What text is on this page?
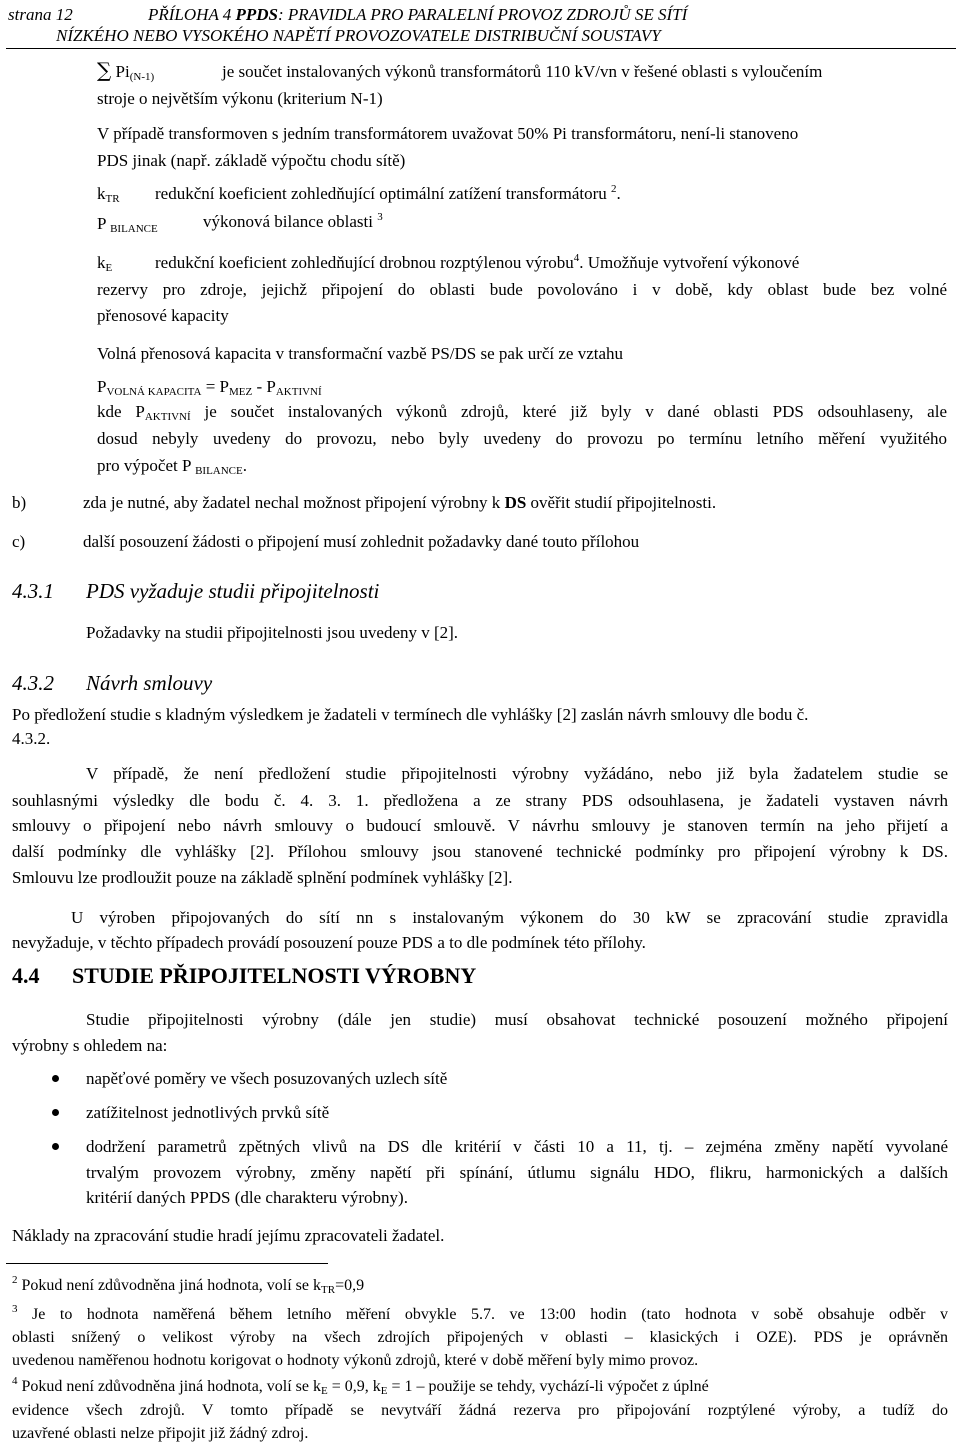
strana 12	PŘÍLOHA 4 PPDS: PRAVIDLA PRO PARALELNÍ PROVOZ ZDROJŮ SE SÍTÍ
NÍZKÉHO NEBO VYSOKÉHO NAPĚTÍ PROVOZOVATELE DISTRIBUČNÍ SOUSTAVY
∑ $Pi_{(N-1)}$	je součet instalovaných výkonů transformátorů 110 kV/vn v řešené oblasti s vyloučením
stroje o největším výkonu (kriterium N-1)
V případě transformoven s jedním transformátorem uvažovat 50% Pi transformátoru, není-li stanoveno
PDS jinak (např. základě výpočtu chodu sítě)
$k_{TR}$ redukční koeficient zohledňující optimální zatížení transformátoru $^2$.
P $_{BILANCE}$	výkonová bilance oblasti $^3$
$k_E$	redukční koeficient zohledňující drobnou rozptýlenou výrobu$^4$. Umožňuje vytvoření výkonové
rezervy pro zdroje, jejichž připojení do oblasti bude povolováno i v době, kdy oblast bude bez volné
přenosové kapacity
Volná přenosová kapacita v transformační vazbě PS/DS se pak určí ze vztahu
$P_{VOLNÁ KAPACITA} = P_{MEZ} - P_{AKTIVNÍ}$
kde $P_{AKTIVNÍ}$ je součet instalovaných výkonů zdrojů, které již byly v dané oblasti PDS odsouhlaseny, ale
dosud nebyly uvedeny do provozu, nebo byly uvedeny do provozu po termínu letního měření využitého
pro výpočet P $_{BILANCE}$.
b)	zda je nutné, aby žadatel nechal možnost připojení výrobny k DS ověřit studií připojitelnosti.
c)	další posouzení žádosti o připojení musí zohlednit požadavky dané touto přílohou
4.3.1 PDS vyžaduje studii připojitelnosti
Požadavky na studii připojitelnosti jsou uvedeny v [2].
4.3.2 Návrh smlouvy
Po předložení studie s kladným výsledkem je žadateli v termínech dle vyhlášky [2] zaslán návrh smlouvy dle bodu č.
4.3.2.
V případě, že není předložení studie připojitelnosti výrobny vyžádáno, nebo již byla žadatelem studie se
souhlasnými výsledky dle bodu č. 4. 3. 1. předložena a ze strany PDS odsouhlasena, je žadateli vystaven návrh
smlouvy o připojení nebo návrh smlouvy o budoucí smlouvě. V návrhu smlouvy je stanoven termín na jeho přijetí a
další podmínky dle vyhlášky [2]. Přílohou smlouvy jsou stanovené technické podmínky pro připojení výrobny k DS.
Smlouvu lze prodloužit pouze na základě splnění podmínek vyhlášky [2].
U výroben připojovaných do sítí nn s instalovaným výkonem do 30 kW se zpracování studie zpravidla
nevyžaduje, v těchto případech provádí posouzení pouze PDS a to dle podmínek této přílohy.
4.4 STUDIE PŘIPOJITELNOSTI VÝROBNY
Studie připojitelnosti výrobny (dále jen studie) musí obsahovat technické posouzení možného připojení
výrobny s ohledem na:
napěťové poměry ve všech posuzovaných uzlech sítě
zatížitelnost jednotlivých prvků sítě
dodržení parametrů zpětných vlivů na DS dle kritérií v části 10 a 11, tj. – zejména změny napětí vyvolané
trvalým provozem výrobny, změny napětí při spínání, útlumu signálu HDO, flikru, harmonických a dalších
kritérií daných PPDS (dle charakteru výrobny).
Náklady na zpracování studie hradí jejímu zpracovateli žadatel.
$^2$ Pokud není zdůvodněna jiná hodnota, volí se $k_{TR}=0,9$
$^3$ Je to hodnota naměřená během letního měření obvykle 5.7. ve 13:00 hodin (tato hodnota v sobě obsahuje odběr v
oblasti snížený o velikost výroby na všech zdrojích připojených v oblasti – klasických i OZE). PDS je oprávněn
uvedenou naměřenou hodnotu korigovat o hodnoty výkonů zdrojů, které v době měření byly mimo provoz.
$^4$ Pokud není zdůvodněna jiná hodnota, volí se $k_E = 0,9$, $k_E = 1$ – použije se tehdy, vychází-li výpočet z úplné
evidence všech zdrojů. V tomto případě se nevytváří žádná rezerva pro připojování rozptýlené výroby, a tudíž do
uzavřené oblasti nelze připojit již žádný zdroj.
